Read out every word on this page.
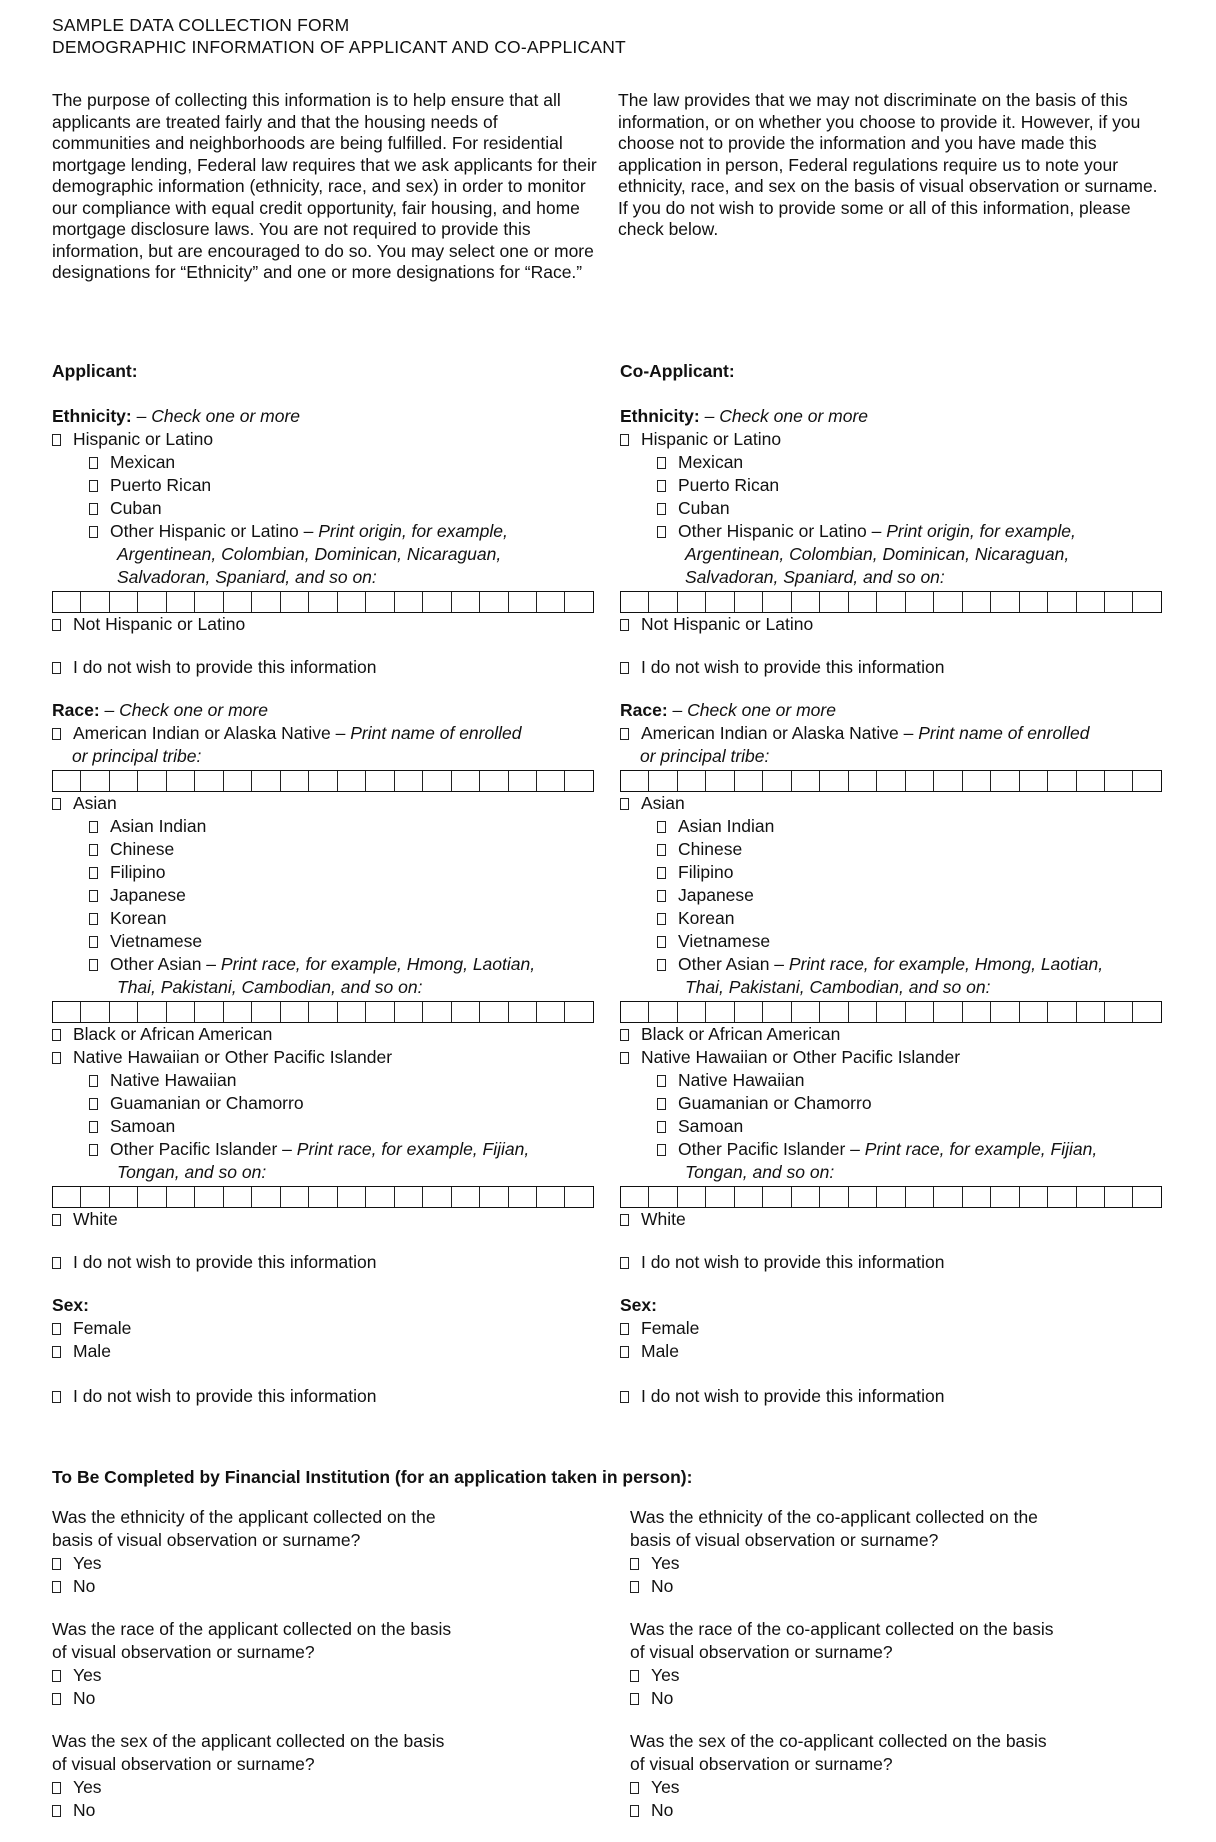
SAMPLE DATA COLLECTION FORM
DEMOGRAPHIC INFORMATION OF APPLICANT AND CO-APPLICANT

The purpose of collecting this information is to help ensure that all applicants are treated fairly and that the housing needs of communities and neighborhoods are being fulfilled. For residential mortgage lending, Federal law requires that we ask applicants for their demographic information (ethnicity, race, and sex) in order to monitor our compliance with equal credit opportunity, fair housing, and home mortgage disclosure laws. You are not required to provide this information, but are encouraged to do so. You may select one or more designations for “Ethnicity” and one or more designations for “Race.”

The law provides that we may not discriminate on the basis of this information, or on whether you choose to provide it. However, if you choose not to provide the information and you have made this application in person, Federal regulations require us to note your ethnicity, race, and sex on the basis of visual observation or surname. If you do not wish to provide some or all of this information, please check below.

Applicant:
Ethnicity: – Check one or more
Hispanic or Latino
Mexican
Puerto Rican
Cuban
Other Hispanic or Latino – Print origin, for example,
Argentinean, Colombian, Dominican, Nicaraguan,
Salvadoran, Spaniard, and so on:
Not Hispanic or Latino
I do not wish to provide this information
Race: – Check one or more
American Indian or Alaska Native – Print name of enrolled
or principal tribe:
Asian
Asian Indian
Chinese
Filipino
Japanese
Korean
Vietnamese
Other Asian – Print race, for example, Hmong, Laotian,
Thai, Pakistani, Cambodian, and so on:
Black or African American
Native Hawaiian or Other Pacific Islander
Native Hawaiian
Guamanian or Chamorro
Samoan
Other Pacific Islander – Print race, for example, Fijian,
Tongan, and so on:
White
I do not wish to provide this information
Sex:
Female
Male
I do not wish to provide this information
Co-Applicant:
Ethnicity: – Check one or more
Hispanic or Latino
Mexican
Puerto Rican
Cuban
Other Hispanic or Latino – Print origin, for example,
Argentinean, Colombian, Dominican, Nicaraguan,
Salvadoran, Spaniard, and so on:
Not Hispanic or Latino
I do not wish to provide this information
Race: – Check one or more
American Indian or Alaska Native – Print name of enrolled
or principal tribe:
Asian
Asian Indian
Chinese
Filipino
Japanese
Korean
Vietnamese
Other Asian – Print race, for example, Hmong, Laotian,
Thai, Pakistani, Cambodian, and so on:
Black or African American
Native Hawaiian or Other Pacific Islander
Native Hawaiian
Guamanian or Chamorro
Samoan
Other Pacific Islander – Print race, for example, Fijian,
Tongan, and so on:
White
I do not wish to provide this information
Sex:
Female
Male
I do not wish to provide this information
To Be Completed by Financial Institution (for an application taken in person):
Was the ethnicity of the applicant collected on the
basis of visual observation or surname?
Yes
No
Was the race of the applicant collected on the basis
of visual observation or surname?
Yes
No
Was the sex of the applicant collected on the basis
of visual observation or surname?
Yes
No
Was the ethnicity of the co-applicant collected on the
basis of visual observation or surname?
Yes
No
Was the race of the co-applicant collected on the basis
of visual observation or surname?
Yes
No
Was the sex of the co-applicant collected on the basis
of visual observation or surname?
Yes
No
